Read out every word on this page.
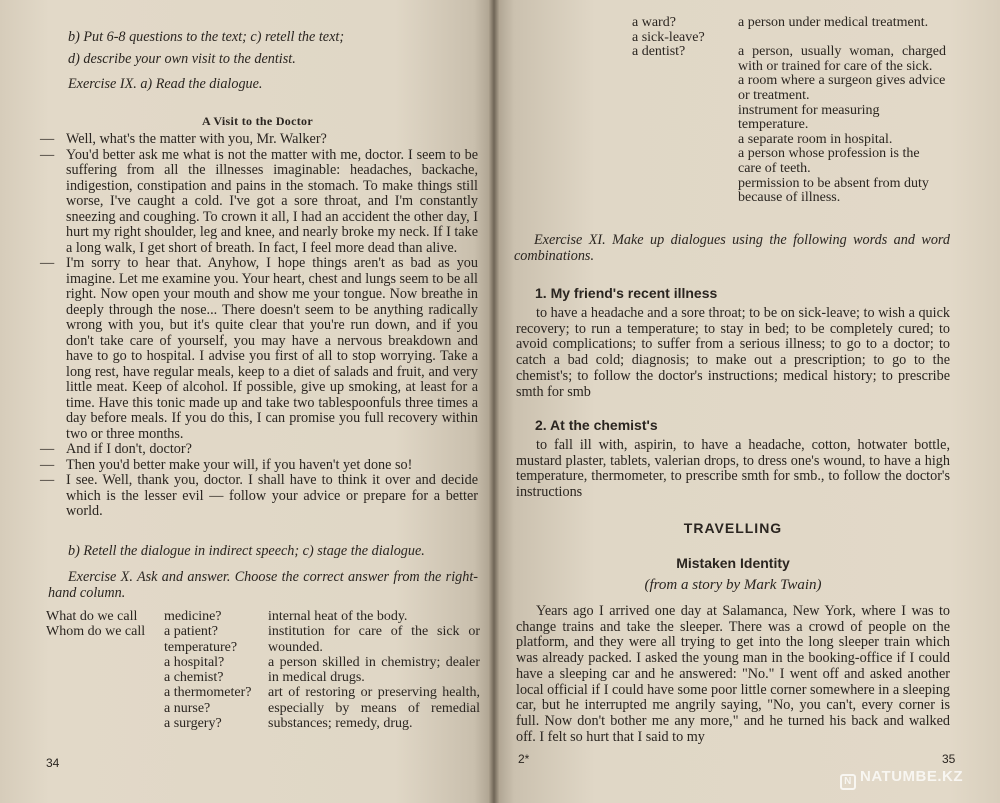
b) Put 6-8 questions to the text; c) retell the text;

d) describe your own visit to the dentist.

Exercise IX. a) Read the dialogue.

A Visit to the Doctor
— Well, what's the matter with you, Mr. Walker?
— You'd better ask me what is not the matter with me, doctor. I seem to be suffering from all the illnesses imaginable: headaches, backache, indigestion, constipation and pains in the stomach. To make things still worse, I've caught a cold. I've got a sore throat, and I'm constantly sneezing and coughing. To crown it all, I had an accident the other day, I hurt my right shoulder, leg and knee, and nearly broke my neck. If I take a long walk, I get short of breath. In fact, I feel more dead than alive.
— I'm sorry to hear that. Anyhow, I hope things aren't as bad as you imagine. Let me examine you. Your heart, chest and lungs seem to be all right. Now open your mouth and show me your tongue. Now breathe in deeply through the nose... There doesn't seem to be anything radically wrong with you, but it's quite clear that you're run down, and if you don't take care of yourself, you may have a nervous breakdown and have to go to hospital. I advise you first of all to stop worrying. Take a long rest, have regular meals, keep to a diet of salads and fruit, and very little meat. Keep of alcohol. If possible, give up smoking, at least for a time. Have this tonic made up and take two tablespoonfuls three times a day before meals. If you do this, I can promise you full recovery within two or three months.
— And if I don't, doctor?
— Then you'd better make your will, if you haven't yet done so!
— I see. Well, thank you, doctor. I shall have to think it over and decide which is the lesser evil — follow your advice or prepare for a better world.

b) Retell the dialogue in indirect speech; c) stage the dialogue.

Exercise X. Ask and answer. Choose the correct answer from the right-hand column.

What do we call	medicine?	internal heat of the body.
Whom do we call	a patient?	institution for care of the sick or wounded.
	temperature?	
	a hospital?	a person skilled in chemistry; dealer in medical drugs.
	a chemist?	
	a thermometer?	art of restoring or preserving health, especially by means of remedial substances; remedy, drug.
	a nurse?	
	a surgery?	
34
a ward?	a person under medical treatment.
a sick-leave?	
a dentist?	a person, usually woman, charged with or trained for care of the sick.
	a room where a surgeon gives advice or treatment.
	instrument for measuring temperature.
	a separate room in hospital.
	a person whose profession is the care of teeth.
	permission to be absent from duty because of illness.

Exercise XI. Make up dialogues using the following words and word combinations.

1. My friend's recent illness

to have a headache and a sore throat; to be on sick-leave; to wish a quick recovery; to run a temperature; to stay in bed; to be completely cured; to avoid complications; to suffer from a serious illness; to go to a doctor; to catch a bad cold; diagnosis; to make out a prescription; to go to the chemist's; to follow the doctor's instructions; medical history; to prescribe smth for smb

2. At the chemist's

to fall ill with, aspirin, to have a headache, cotton, hotwater bottle, mustard plaster, tablets, valerian drops, to dress one's wound, to have a high temperature, thermometer, to prescribe smth for smb., to follow the doctor's instructions

TRAVELLING
Mistaken Identity

(from a story by Mark Twain)

Years ago I arrived one day at Salamanca, New York, where I was to change trains and take the sleeper. There was a crowd of people on the platform, and they were all trying to get into the long sleeper train which was already packed. I asked the young man in the booking-office if I could have a sleeping car and he answered: "No." I went off and asked another local official if I could have some poor little corner somewhere in a sleeping car, but he interrupted me angrily saying, "No, you can't, every corner is full. Now don't bother me any more," and he turned his back and walked off. I felt so hurt that I said to my

2*	35
N NATUMBE.KZ
